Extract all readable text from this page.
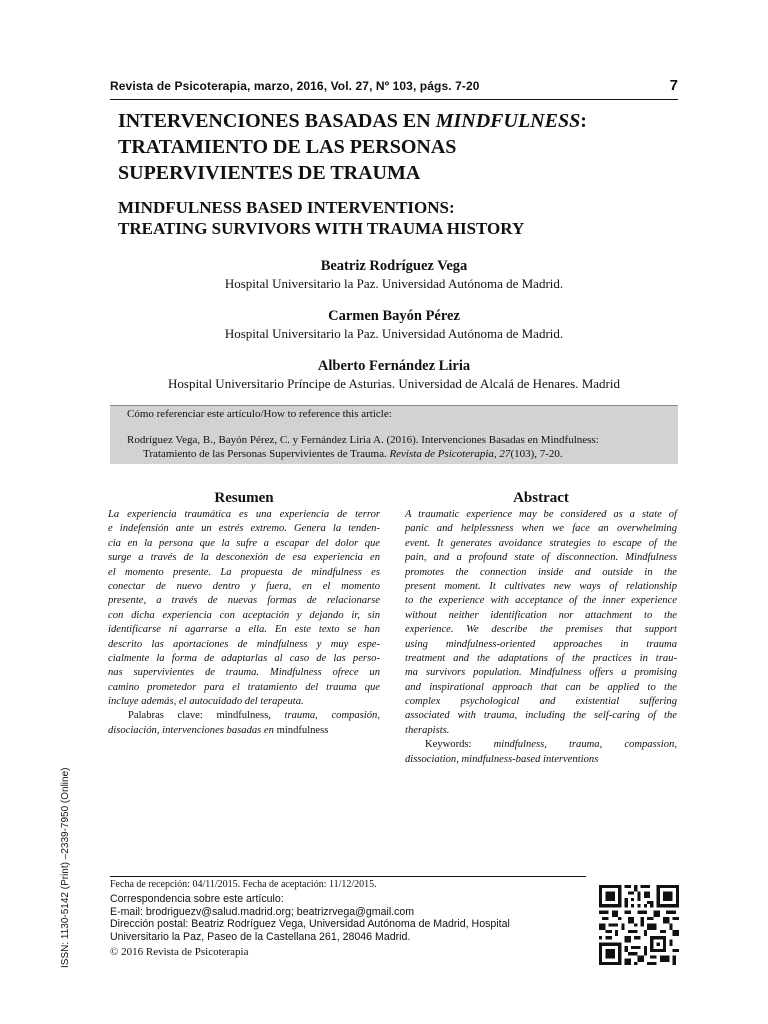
Revista de Psicoterapia, marzo, 2016, Vol. 27, Nº 103, págs. 7-20	7
INTERVENCIONES BASADAS EN MINDFULNESS:
TRATAMIENTO DE LAS PERSONAS
SUPERVIVIENTES DE TRAUMA
MINDFULNESS BASED INTERVENTIONS:
TREATING SURVIVORS WITH TRAUMA HISTORY
Beatriz Rodríguez Vega
Hospital Universitario la Paz. Universidad Autónoma de Madrid.
Carmen Bayón Pérez
Hospital Universitario la Paz. Universidad Autónoma de Madrid.
Alberto Fernández Liria
Hospital Universitario Príncipe de Asturias. Universidad de Alcalá de Henares. Madrid
Cómo referenciar este artículo/How to reference this article:
Rodríguez Vega, B., Bayón Pérez, C. y Fernández Liria A. (2016). Intervenciones Basadas en Mindfulness:
Tratamiento de las Personas Supervivientes de Trauma. Revista de Psicoterapia, 27(103), 7-20.
Resumen
La experiencia traumática es una experiencia de terror
e indefensión ante un estrés extremo. Genera la tenden-
cia en la persona que la sufre a escapar del dolor que
surge a través de la desconexión de esa experiencia en
el momento presente. La propuesta de mindfulness es
conectar de nuevo dentro y fuera, en el momento
presente, a través de nuevas formas de relacionarse
con dicha experiencia con aceptación y dejando ir, sin
identificarse ni agarrarse a ella. En este texto se han
descrito las aportaciones de mindfulness y muy espe-
cialmente la forma de adaptarlas al caso de las perso-
nas supervivientes de trauma. Mindfulness ofrece un
camino prometedor para el tratamiento del trauma que
incluye además, el autocuidado del terapeuta.
Palabras clave: mindfulness, trauma, compasión,
disociación, intervenciones basadas en mindfulness
Abstract
A traumatic experience may be considered as a state of
panic and helplessness when we face an overwhelming
event. It generates avoidance strategies to escape of the
pain, and a profound state of disconnection. Mindfulness
promotes the connection inside and outside in the
present moment. It cultivates new ways of relationship
to the experience with acceptance of the inner experience
without neither identification nor attachment to the
experience. We describe the premises that support
using mindfulness-oriented approaches in trauma
treatment and the adaptations of the practices in trau-
ma survivors population. Mindfulness offers a promising
and inspirational approach that can be applied to the
complex psychological and existential suffering
associated with trauma, including the self-caring of the
therapists.
Keywords: mindfulness, trauma, compassion,
dissociation, mindfulness-based interventions
ISSN: 1130-5142 (Print) –2339-7950 (Online)	Fecha de recepción: 04/11/2015. Fecha de aceptación: 11/12/2015.
Correspondencia sobre este artículo:
E-mail: brodriguezv@salud.madrid.org; beatrizrvega@gmail.com
Dirección postal: Beatriz Rodríguez Vega, Universidad Autónoma de Madrid, Hospital
Universitario la Paz, Paseo de la Castellana 261, 28046 Madrid.
© 2016 Revista de Psicoterapia
